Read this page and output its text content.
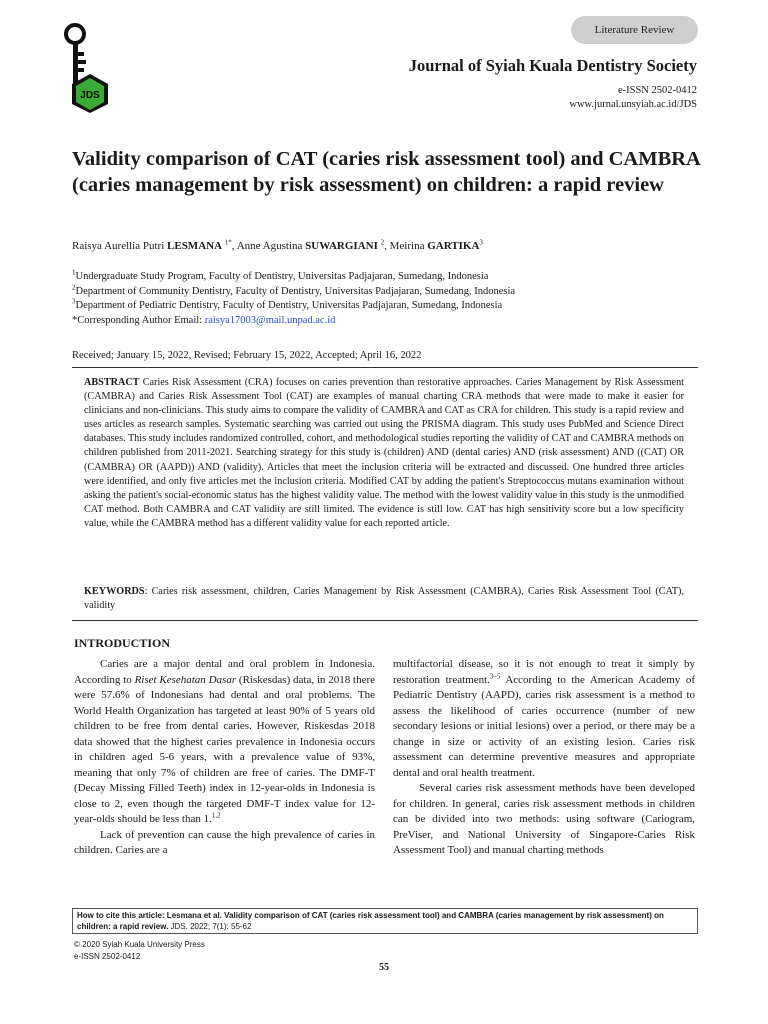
Literature Review
JDS
Journal of Syiah Kuala Dentistry Society
e-ISSN 2502-0412
www.jurnal.unsyiah.ac.id/JDS
Validity comparison of CAT (caries risk assessment tool) and CAMBRA (caries management by risk assessment) on children: a rapid review
Raisya Aurellia Putri LESMANA $^{1*}$, Anne Agustina SUWARGIANI $^2$, Meirina GARTIKA$^3$
$^1$Undergraduate Study Program, Faculty of Dentistry, Universitas Padjajaran, Sumedang, Indonesia
$^2$Department of Community Dentistry, Faculty of Dentistry, Universitas Padjajaran, Sumedang, Indonesia
$^3$Department of Pediatric Dentistry, Faculty of Dentistry, Universitas Padjajaran, Sumedang, Indonesia
*Corresponding Author Email: raisya17003@mail.unpad.ac.id
Received; January 15, 2022, Revised; February 15, 2022, Accepted; April 16, 2022
ABSTRACT Caries Risk Assessment (CRA) focuses on caries prevention than restorative approaches. Caries Management by Risk Assessment (CAMBRA) and Caries Risk Assessment Tool (CAT) are examples of manual charting CRA methods that were made to make it easier for clinicians and non-clinicians. This study aims to compare the validity of CAMBRA and CAT as CRA for children. This study is a rapid review and uses articles as research samples. Systematic searching was carried out using the PRISMA diagram. This study uses PubMed and Science Direct databases. This study includes randomized controlled, cohort, and methodological studies reporting the validity of CAT and CAMBRA methods on children published from 2011-2021. Searching strategy for this study is (children) AND (dental caries) AND (risk assessment) AND ((CAT) OR (CAMBRA) OR (AAPD)) AND (validity). Articles that meet the inclusion criteria will be extracted and discussed. One hundred three articles were identified, and only five articles met the inclusion criteria. Modified CAT by adding the patient's Streptococcus mutans examination without asking the patient's social-economic status has the highest validity value. The method with the lowest validity value in this study is the unmodified CAT method. Both CAMBRA and CAT validity are still limited. The evidence is still low. CAT has high sensitivity score but a low specificity value, while the CAMBRA method has a different validity value for each reported article.
KEYWORDS: Caries risk assessment, children, Caries Management by Risk Assessment (CAMBRA), Caries Risk Assessment Tool (CAT), validity
INTRODUCTION

Caries are a major dental and oral problem in Indonesia. According to Riset Kesehatan Dasar (Riskesdas) data, in 2018 there were 57.6% of Indonesians had dental and oral problems. The World Health Organization has targeted at least 90% of 5 years old children to be free from dental caries. However, Riskesdas 2018 data showed that the highest caries prevalence in Indonesia occurs in children aged 5-6 years, with a prevalence value of 93%, meaning that only 7% of children are free of caries. The DMF-T (Decay Missing Filled Teeth) index in 12-year-olds in Indonesia is close to 2, even though the targeted DMF-T index value for 12-year-olds should be less than 1.$^{1,2}$

Lack of prevention can cause the high prevalence of caries in children. Caries are a

multifactorial disease, so it is not enough to treat it simply by restoration treatment.$^{3-5}$ According to the American Academy of Pediatric Dentistry (AAPD), caries risk assessment is a method to assess the likelihood of caries occurrence (number of new secondary lesions or initial lesions) over a period, or there may be a change in size or activity of an existing lesion. Caries risk assessment can determine preventive measures and appropriate dental and oral health treatment.

Several caries risk assessment methods have been developed for children. In general, caries risk assessment methods in children can be divided into two methods: using software (Cariogram, PreViser, and National University of Singapore-Caries Risk Assessment Tool) and manual charting methods

How to cite this article: Lesmana et al. Validity comparison of CAT (caries risk assessment tool) and CAMBRA (caries management by risk assessment) on children: a rapid review. JDS. 2022; 7(1): 55-62
© 2020 Syiah Kuala University Press
e-ISSN 2502-0412
55
